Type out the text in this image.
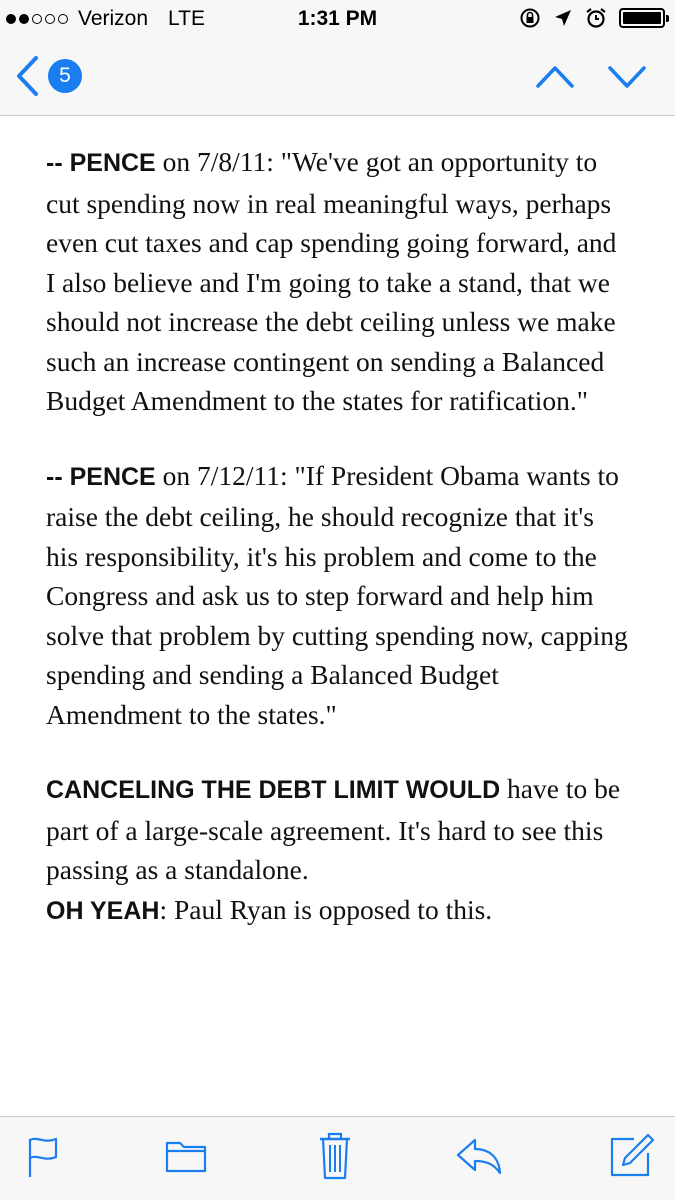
Verizon LTE	1:31 PM
5

-- PENCE on 7/8/11: "We've got an opportunity to cut spending now in real meaningful ways, perhaps even cut taxes and cap spending going forward, and I also believe and I'm going to take a stand, that we should not increase the debt ceiling unless we make such an increase contingent on sending a Balanced Budget Amendment to the states for ratification."

-- PENCE on 7/12/11: "If President Obama wants to raise the debt ceiling, he should recognize that it's his responsibility, it's his problem and come to the Congress and ask us to step forward and help him solve that problem by cutting spending now, capping spending and sending a Balanced Budget Amendment to the states."

CANCELING THE DEBT LIMIT WOULD have to be part of a large-scale agreement. It's hard to see this passing as a standalone.
OH YEAH: Paul Ryan is opposed to this.
